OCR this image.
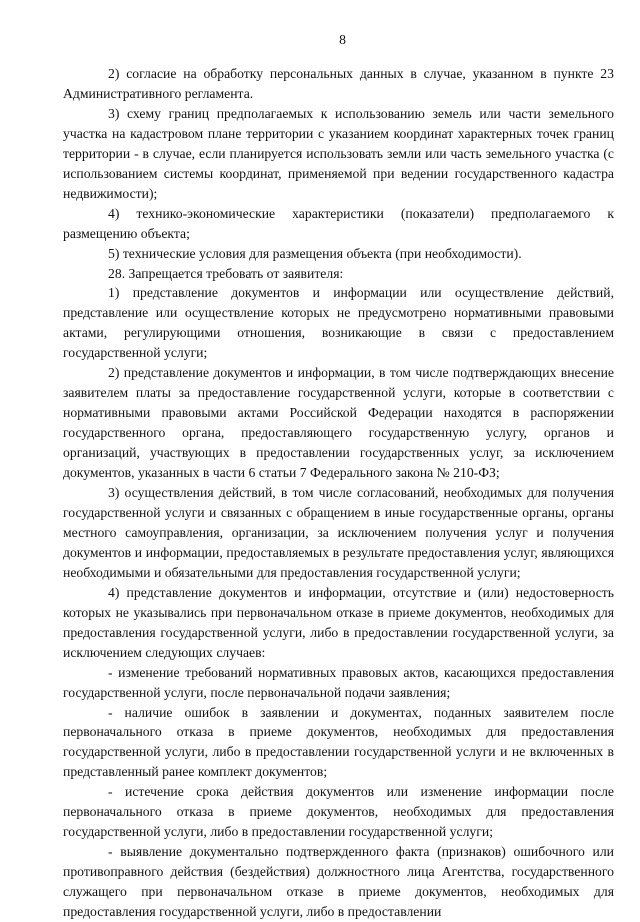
8

2) согласие на обработку персональных данных в случае, указанном в пункте 23 Административного регламента.

3) схему границ предполагаемых к использованию земель или части земельного участка на кадастровом плане территории с указанием координат характерных точек границ территории - в случае, если планируется использовать земли или часть земельного участка (с использованием системы координат, применяемой при ведении государственного кадастра недвижимости);

4) технико-экономические характеристики (показатели) предполагаемого к размещению объекта;

5) технические условия для размещения объекта (при необходимости).

28. Запрещается требовать от заявителя:

1) представление документов и информации или осуществление действий, представление или осуществление которых не предусмотрено нормативными правовыми актами, регулирующими отношения, возникающие в связи с предоставлением государственной услуги;

2) представление документов и информации, в том числе подтверждающих внесение заявителем платы за предоставление государственной услуги, которые в соответствии с нормативными правовыми актами Российской Федерации находятся в распоряжении государственного органа, предоставляющего государственную услугу, органов и организаций, участвующих в предоставлении государственных услуг, за исключением документов, указанных в части 6 статьи 7 Федерального закона № 210-ФЗ;

3) осуществления действий, в том числе согласований, необходимых для получения государственной услуги и связанных с обращением в иные государственные органы, органы местного самоуправления, организации, за исключением получения услуг и получения документов и информации, предоставляемых в результате предоставления услуг, являющихся необходимыми и обязательными для предоставления государственной услуги;

4) представление документов и информации, отсутствие и (или) недостоверность которых не указывались при первоначальном отказе в приеме документов, необходимых для предоставления государственной услуги, либо в предоставлении государственной услуги, за исключением следующих случаев:

- изменение требований нормативных правовых актов, касающихся предоставления государственной услуги, после первоначальной подачи заявления;

- наличие ошибок в заявлении и документах, поданных заявителем после первоначального отказа в приеме документов, необходимых для предоставления государственной услуги, либо в предоставлении государственной услуги и не включенных в представленный ранее комплект документов;

- истечение срока действия документов или изменение информации после первоначального отказа в приеме документов, необходимых для предоставления государственной услуги, либо в предоставлении государственной услуги;

- выявление документально подтвержденного факта (признаков) ошибочного или противоправного действия (бездействия) должностного лица Агентства, государственного служащего при первоначальном отказе в приеме документов, необходимых для предоставления государственной услуги, либо в предоставлении
